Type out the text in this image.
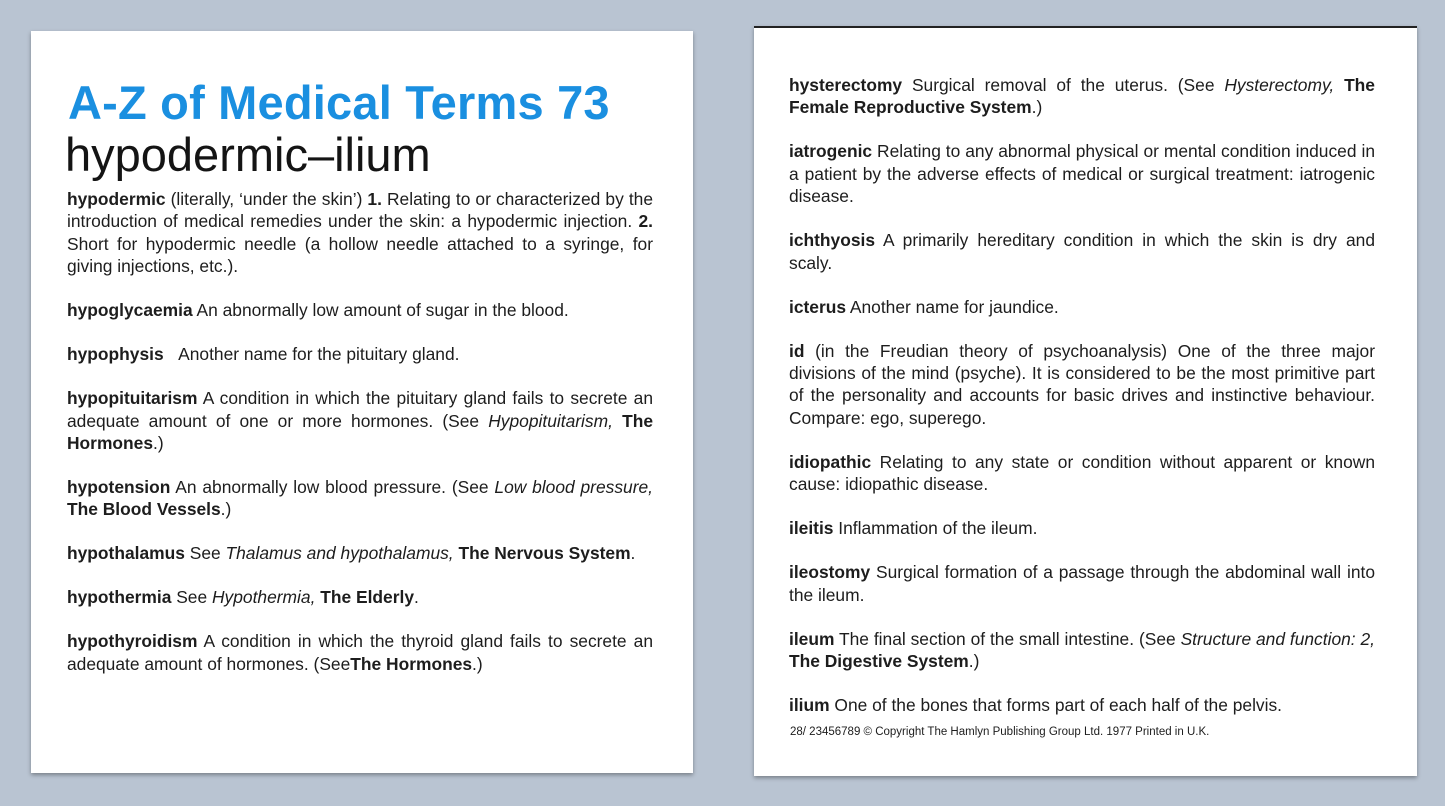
A-Z of Medical Terms 73
hypodermic–ilium

hypodermic (literally, ‘under the skin’) 1. Relating to or characterized by the introduction of medical remedies under the skin: a hypodermic injection. 2. Short for hypodermic needle (a hollow needle attached to a syringe, for giving injections, etc.).

hypoglycaemia An abnormally low amount of sugar in the blood.

hypophysis   Another name for the pituitary gland.

hypopituitarism A condition in which the pituitary gland fails to secrete an adequate amount of one or more hormones. (See Hypopituitarism, The Hormones.)

hypotension An abnormally low blood pressure. (See Low blood pressure, The Blood Vessels.)

hypothalamus See Thalamus and hypothalamus, The Nervous System.

hypothermia See Hypothermia, The Elderly.

hypothyroidism A condition in which the thyroid gland fails to secrete an adequate amount of hormones. (SeeThe Hormones.)

hysterectomy Surgical removal of the uterus. (See Hysterectomy, The Female Reproductive System.)

iatrogenic Relating to any abnormal physical or mental condition induced in a patient by the adverse effects of medical or surgical treatment: iatrogenic disease.

ichthyosis A primarily hereditary condition in which the skin is dry and scaly.

icterus Another name for jaundice.

id (in the Freudian theory of psychoanalysis) One of the three major divisions of the mind (psyche). It is considered to be the most primitive part of the personality and accounts for basic drives and instinctive behaviour. Compare: ego, superego.

idiopathic Relating to any state or condition without apparent or known cause: idiopathic disease.

ileitis Inflammation of the ileum.

ileostomy Surgical formation of a passage through the abdominal wall into the ileum.

ileum The final section of the small intestine. (See Structure and function: 2, The Digestive System.)

ilium One of the bones that forms part of each half of the pelvis.

28/ 23456789 © Copyright The Hamlyn Publishing Group Ltd. 1977 Printed in U.K.
